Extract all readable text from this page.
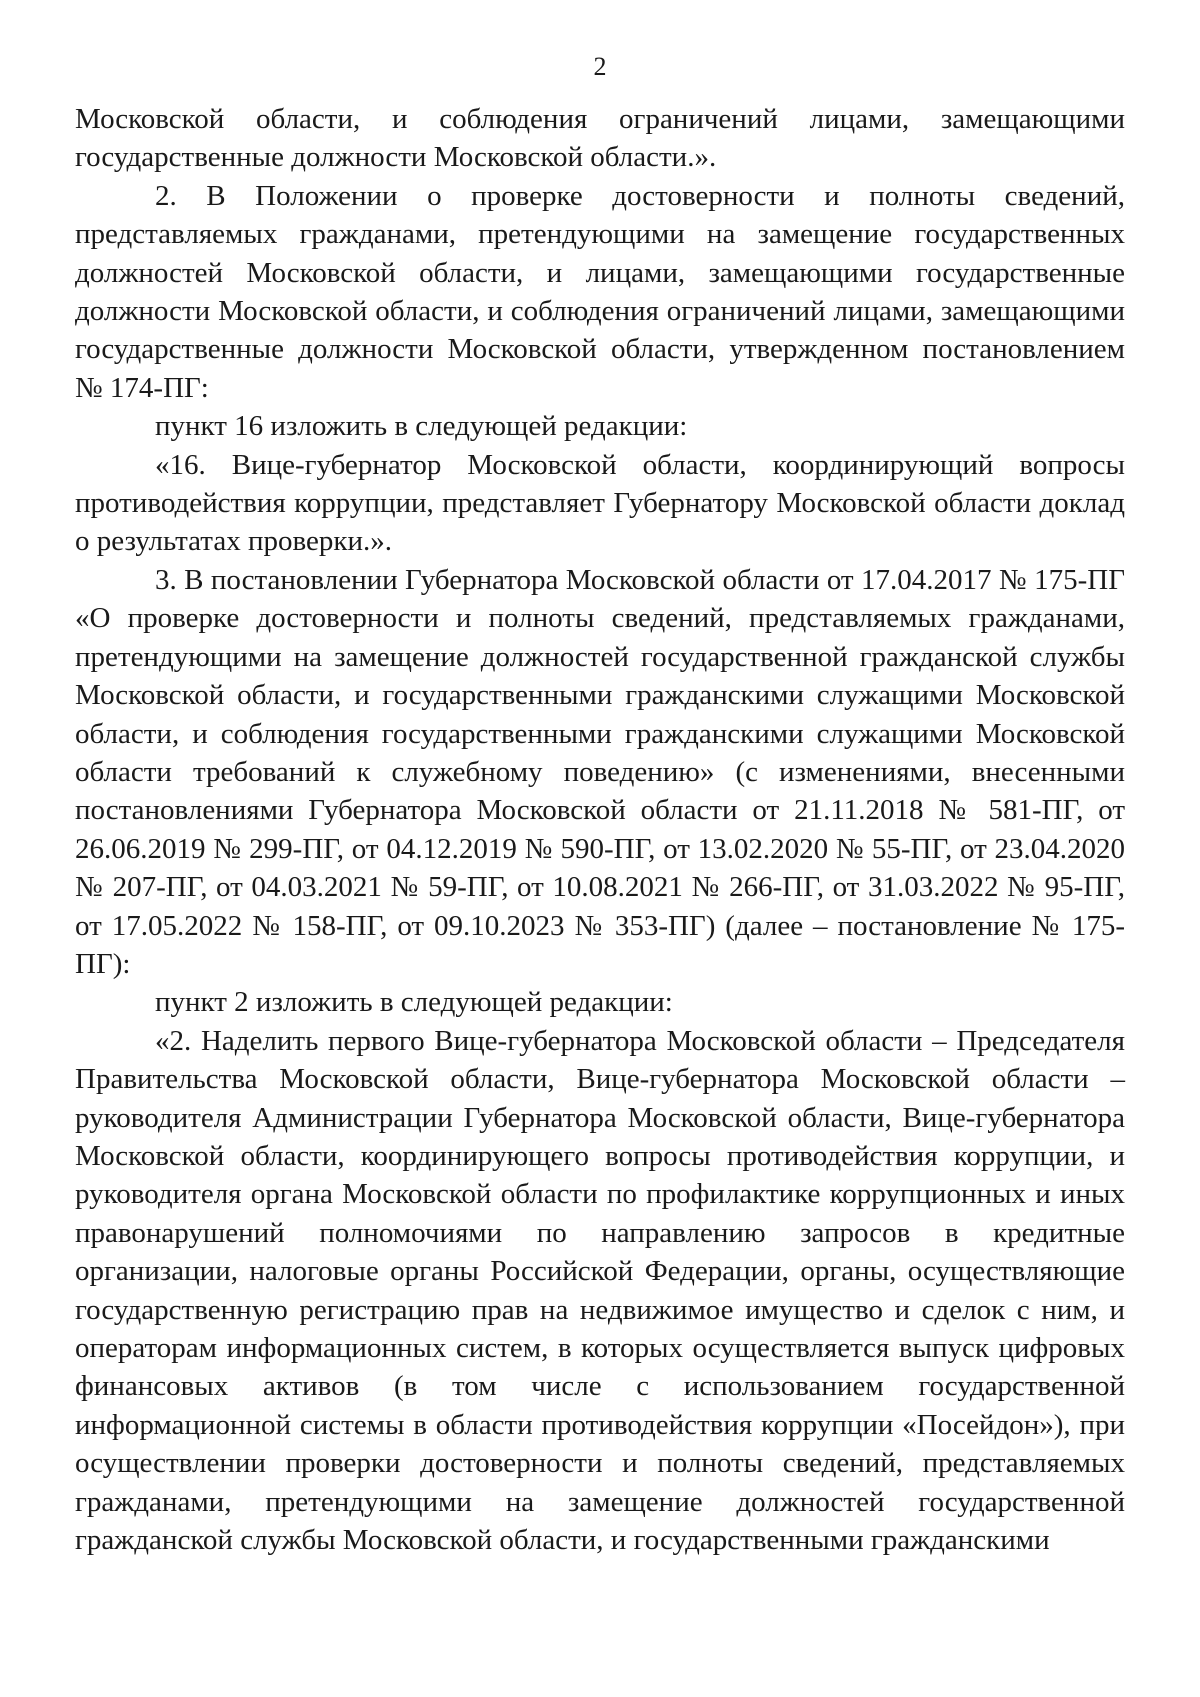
2

Московской области, и соблюдения ограничений лицами, замещающими государственные должности Московской области.».

2. В Положении о проверке достоверности и полноты сведений, представляемых гражданами, претендующими на замещение государственных должностей Московской области, и лицами, замещающими государственные должности Московской области, и соблюдения ограничений лицами, замещающими государственные должности Московской области, утвержденном постановлением № 174-ПГ:

пункт 16 изложить в следующей редакции:

«16. Вице-губернатор Московской области, координирующий вопросы противодействия коррупции, представляет Губернатору Московской области доклад о результатах проверки.».

3. В постановлении Губернатора Московской области от 17.04.2017 № 175-ПГ «О проверке достоверности и полноты сведений, представляемых гражданами, претендующими на замещение должностей государственной гражданской службы Московской области, и государственными гражданскими служащими Московской области, и соблюдения государственными гражданскими служащими Московской области требований к служебному поведению» (с изменениями, внесенными постановлениями Губернатора Московской области от 21.11.2018 № 581-ПГ, от 26.06.2019 № 299-ПГ, от 04.12.2019 № 590-ПГ, от 13.02.2020 № 55-ПГ, от 23.04.2020 № 207-ПГ, от 04.03.2021 № 59-ПГ, от 10.08.2021 № 266-ПГ, от 31.03.2022 № 95-ПГ, от 17.05.2022 № 158-ПГ, от 09.10.2023 № 353-ПГ) (далее – постановление № 175-ПГ):

пункт 2 изложить в следующей редакции:

«2. Наделить первого Вице-губернатора Московской области – Председателя Правительства Московской области, Вице-губернатора Московской области – руководителя Администрации Губернатора Московской области, Вице-губернатора Московской области, координирующего вопросы противодействия коррупции, и руководителя органа Московской области по профилактике коррупционных и иных правонарушений полномочиями по направлению запросов в кредитные организации, налоговые органы Российской Федерации, органы, осуществляющие государственную регистрацию прав на недвижимое имущество и сделок с ним, и операторам информационных систем, в которых осуществляется выпуск цифровых финансовых активов (в том числе с использованием государственной информационной системы в области противодействия коррупции «Посейдон»), при осуществлении проверки достоверности и полноты сведений, представляемых гражданами, претендующими на замещение должностей государственной гражданской службы Московской области, и государственными гражданскими
